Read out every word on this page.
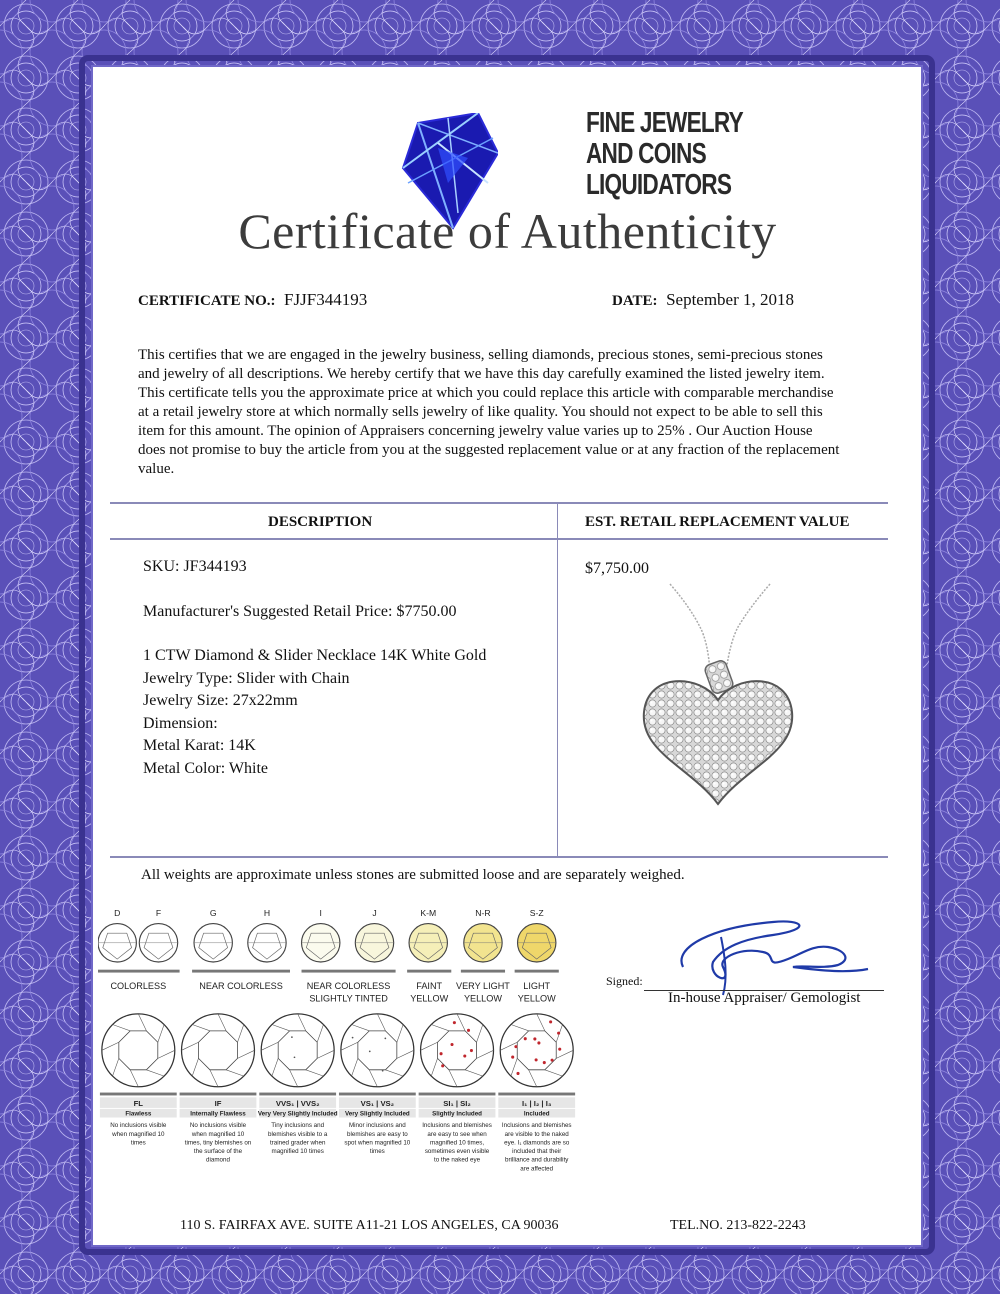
FINE JEWELRY
AND COINS
LIQUIDATORS
Certificate of Authenticity
CERTIFICATE NO.: FJJF344193	DATE: September 1, 2018
This certifies that we are engaged in the jewelry business, selling diamonds, precious stones, semi-precious stones
and jewelry of all descriptions. We hereby certify that we have this day carefully examined the listed jewelry item.
This certificate tells you the approximate price at which you could replace this article with comparable merchandise
at a retail jewelry store at which normally sells jewelry of like quality. You should not expect to be able to sell this
item for this amount. The opinion of Appraisers concerning jewelry value varies up to 25% . Our Auction House
does not promise to buy the article from you at the suggested replacement value or at any fraction of the replacement
value.
DESCRIPTION	EST. RETAIL REPLACEMENT VALUE
SKU: JF344193
Manufacturer's Suggested Retail Price: $7750.00
1 CTW Diamond & Slider Necklace 14K White Gold
Jewelry Type: Slider with Chain
Jewelry Size: 27x22mm
Dimension:
Metal Karat: 14K
Metal Color: White
$7,750.00
All weights are approximate unless stones are submitted loose and are separately weighed.
D	F	G	H	I	J	K-M	N-R	S-Z
COLORLESS	NEAR COLORLESS	NEAR COLORLESS
SLIGHTLY TINTED
FAINT
YELLOW
VERY LIGHT
YELLOW
LIGHT
YELLOW
FL
Flawless
No inclusions visible
when magnified 10
times
IF
Internally Flawless
No inclusions visible
when magnified 10
times, tiny blemishes on
the surface of the
diamond
VVS₁ | VVS₂
Very Very Slightly Included
Tiny inclusions and
blemishes visible to a
trained grader when
magnified 10 times
VS₁ | VS₂
Very Slightly Included
Minor inclusions and
blemishes are easy to
spot when magnified 10
times
SI₁ | SI₂
Slightly Included
Inclusions and blemishes
are easy to see when
magnified 10 times,
sometimes even visible
to the naked eye
I₁ | I₂ | I₃
Included
Inclusions and blemishes
are visible to the naked
eye. I₁ diamonds are so
included that their
brilliance and durability
are affected
Signed:
In-house Appraiser/ Gemologist
110 S. FAIRFAX AVE. SUITE A11-21 LOS ANGELES, CA 90036	TEL.NO. 213-822-2243
